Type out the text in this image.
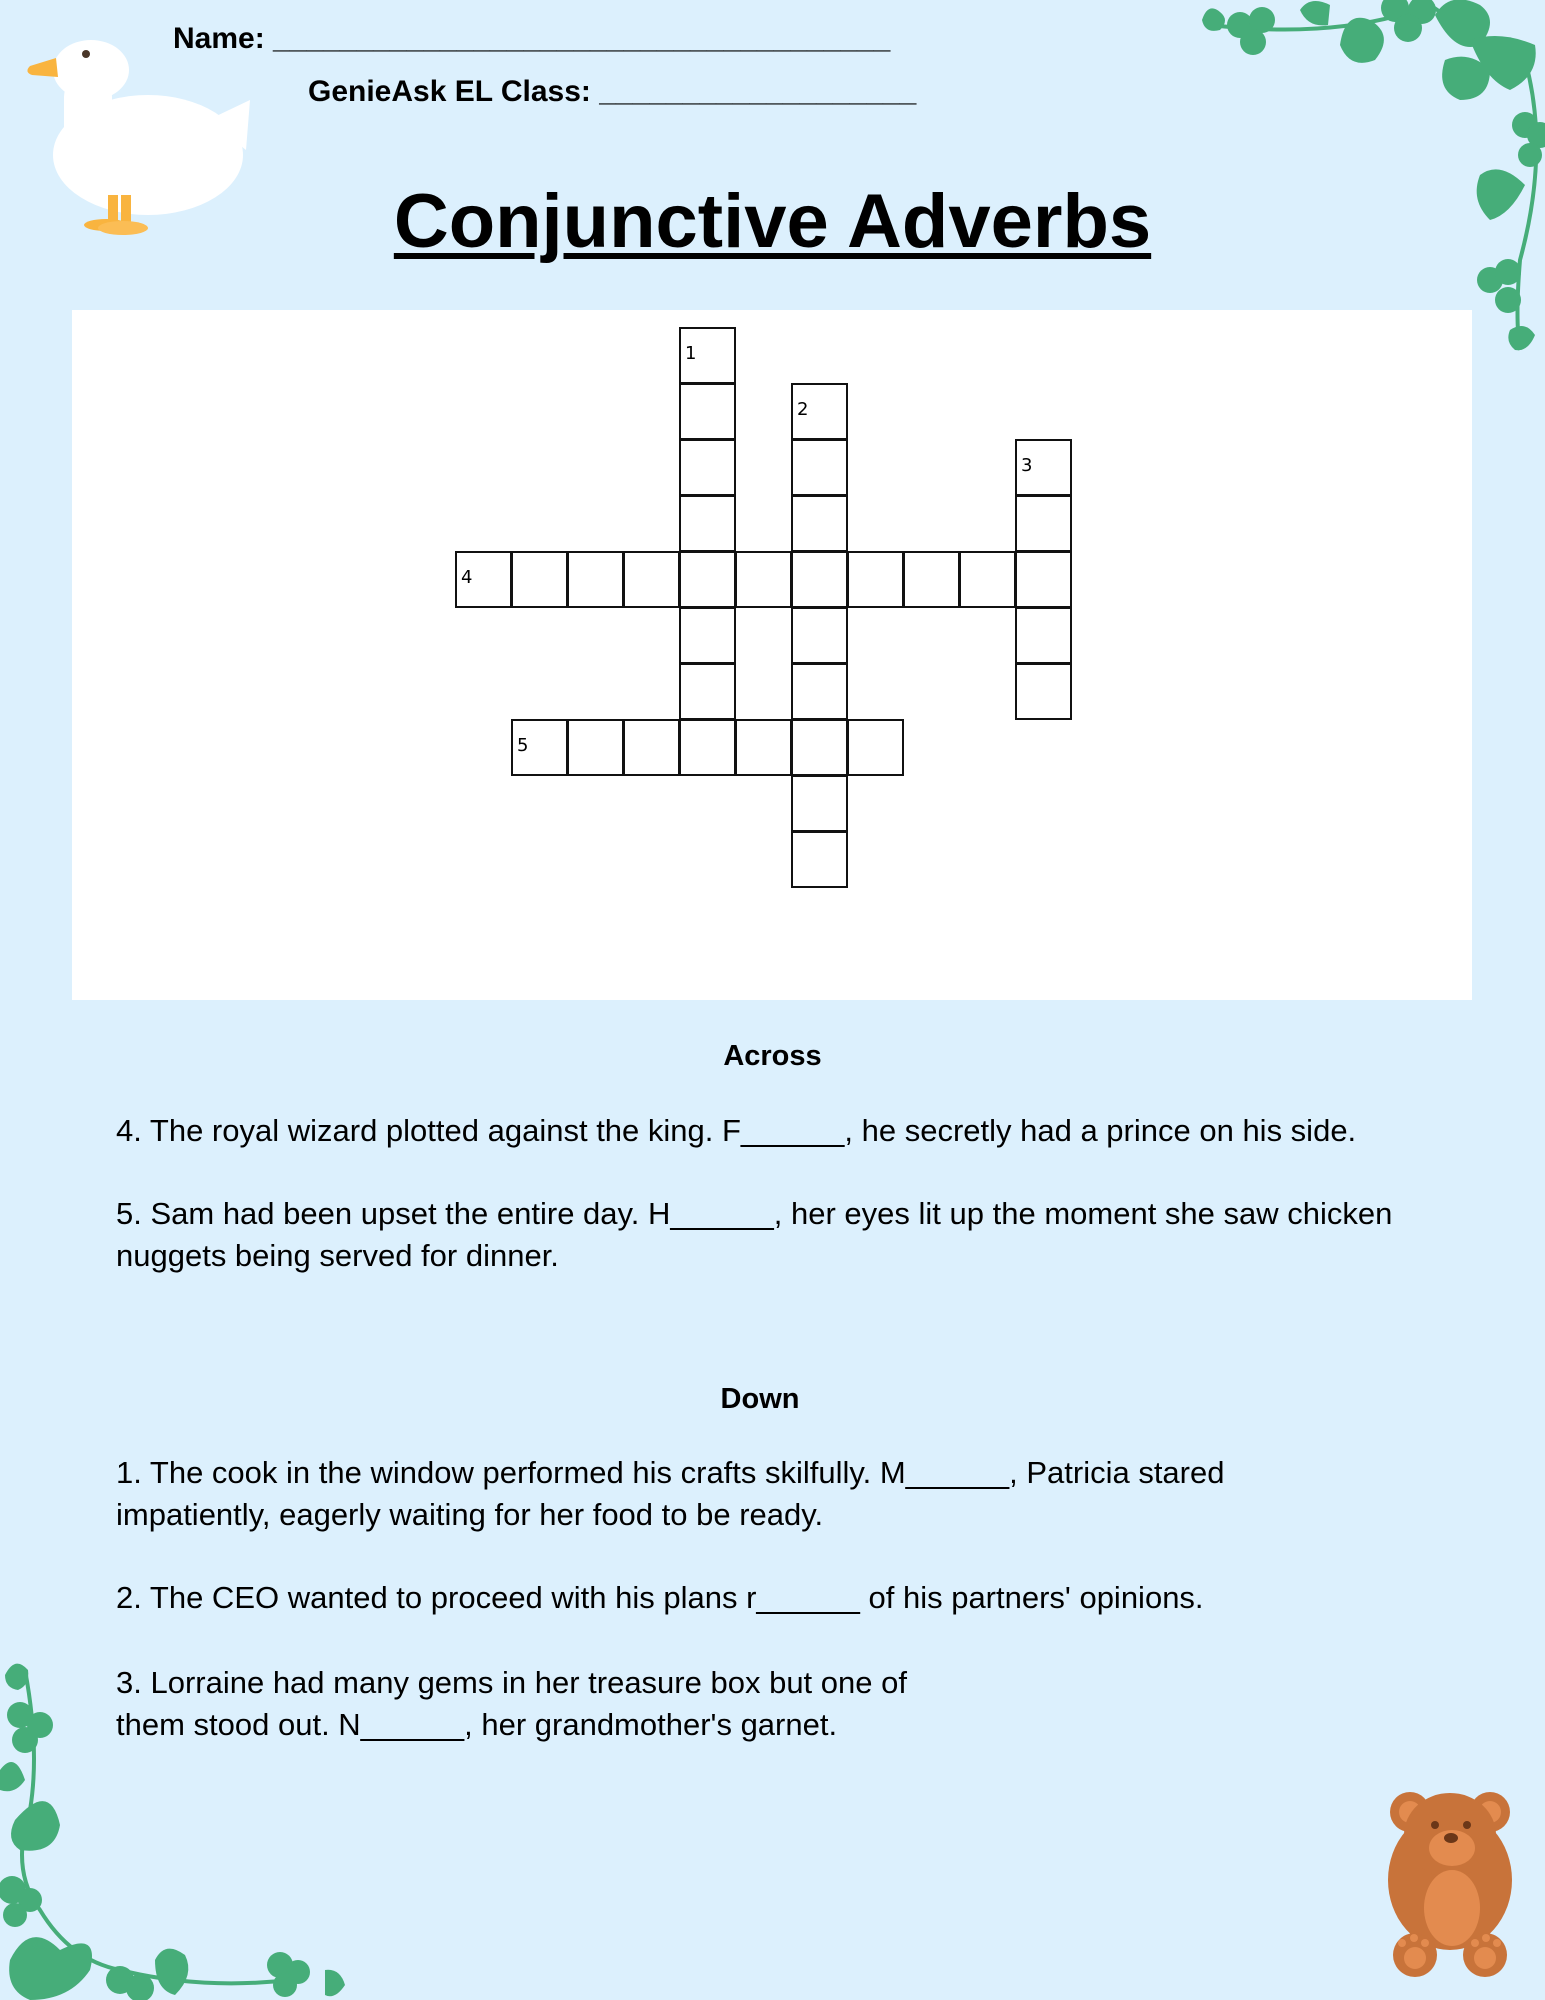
Name: _____________________________________
GenieAsk EL Class: ___________________
Conjunctive Adverbs
1
2
3
4
5
Across
4. The royal wizard plotted against the king. F______, he secretly had a prince on his side.
5. Sam had been upset the entire day. H______, her eyes lit up the moment she saw chicken nuggets being served for dinner.
Down
1. The cook in the window performed his crafts skilfully. M______, Patricia stared impatiently, eagerly waiting for her food to be ready.
2. The CEO wanted to proceed with his plans r______ of his partners' opinions.
3. Lorraine had many gems in her treasure box but one of them stood out. N______, her grandmother's garnet.
